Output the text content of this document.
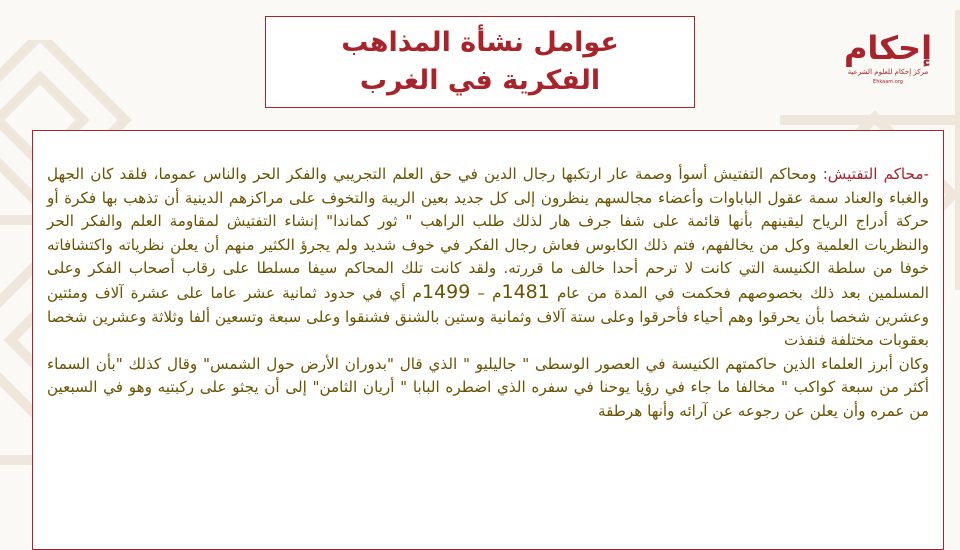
عوامل نشأة المذاهب الفكرية في الغرب
إحكام
مركز إحكام للعلوم الشرعية
Ehkaam.org

-محاكم التفتيش: ومحاكم التفتيش أسوأ وصمة عار ارتكبها رجال الدين في حق العلم التجريبي والفكر الحر والناس عموما، فلقد كان الجهل والغباء والعناد سمة عقول الباباوات وأعضاء مجالسهم ينظرون إلى كل جديد بعين الريبة والتخوف على مراكزهم الدينية أن تذهب بها فكرة أو حركة أدراج الرياح ليقينهم بأنها قائمة على شفا جرف هار لذلك طلب الراهب " ثور كماندا" إنشاء التفتيش لمقاومة العلم والفكر الحر والنظريات العلمية وكل من يخالفهم، فتم ذلك الكابوس فعاش رجال الفكر في خوف شديد ولم يجرؤ الكثير منهم أن يعلن نظرياته واكتشافاته خوفا من سلطة الكنيسة التي كانت لا ترحم أحدا خالف ما قررته. ولقد كانت تلك المحاكم سيفا مسلطا على رقاب أصحاب الفكر وعلى المسلمين بعد ذلك بخصوصهم فحكمت في المدة من عام 1481م – 1499م أي في حدود ثمانية عشر عاما على عشرة آلاف ومئتين وعشرين شخصا بأن يحرقوا وهم أحياء فأحرقوا وعلى ستة آلاف وثمانية وستين بالشنق فشنقوا وعلى سبعة وتسعين ألفا وثلاثة وعشرين شخصا بعقوبات مختلفة فنفذت

وكان أبرز العلماء الذين حاكمتهم الكنيسة في العصور الوسطى " جاليليو " الذي قال "بدوران الأرض حول الشمس" وقال كذلك "بأن السماء أكثر من سبعة كواكب " مخالفا ما جاء في رؤيا يوحنا في سفره الذي اضطره البابا " أريان الثامن" إلى أن يجثو على ركبتيه وهو في السبعين من عمره وأن يعلن عن رجوعه عن آرائه وأنها هرطقة
